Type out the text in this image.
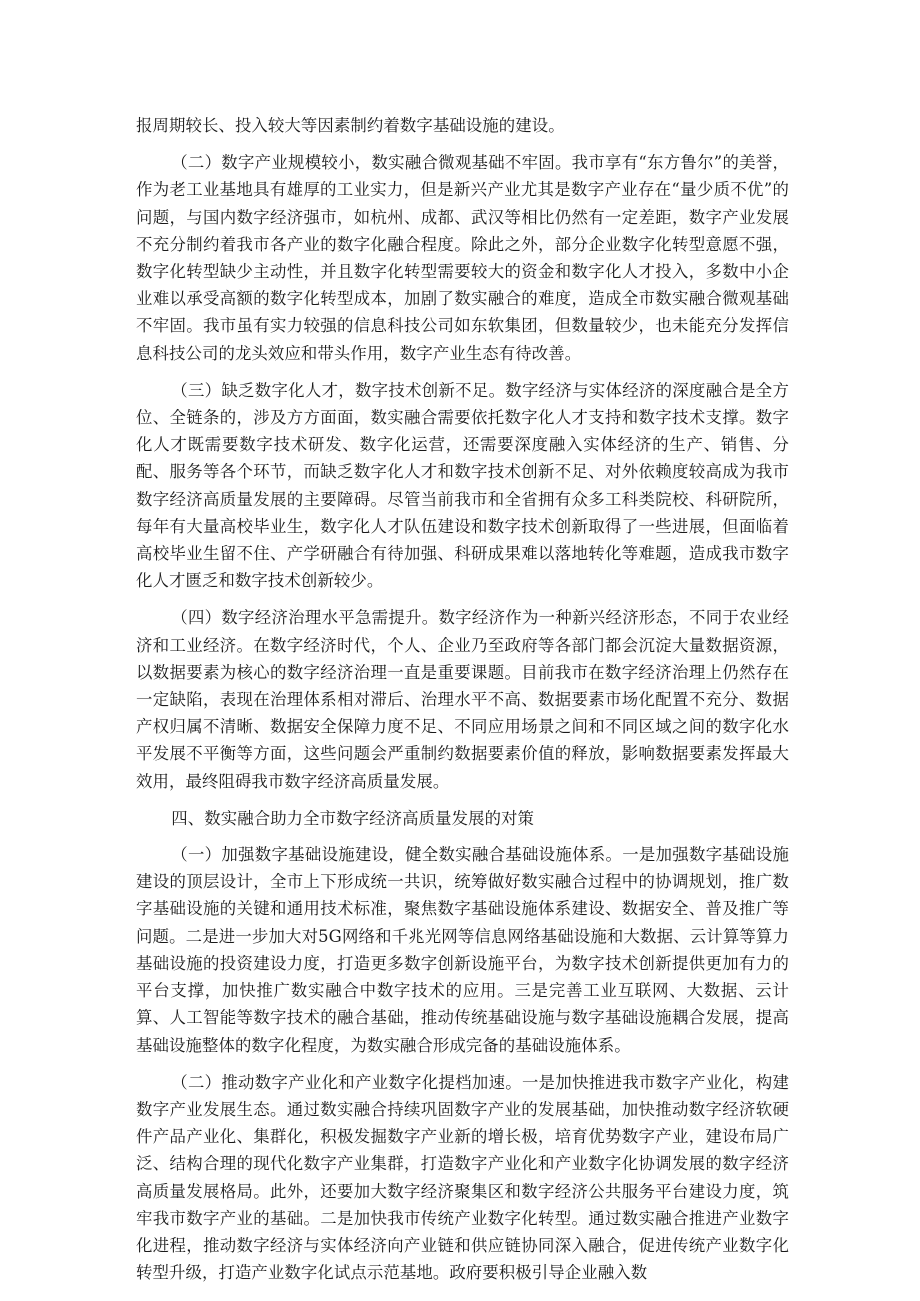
报周期较长、投入较大等因素制约着数字基础设施的建设。

（二）数字产业规模较小，数实融合微观基础不牢固。我市享有“东方鲁尔”的美誉，作为老工业基地具有雄厚的工业实力，但是新兴产业尤其是数字产业存在“量少质不优”的问题，与国内数字经济强市，如杭州、成都、武汉等相比仍然有一定差距，数字产业发展不充分制约着我市各产业的数字化融合程度。除此之外，部分企业数字化转型意愿不强，数字化转型缺少主动性，并且数字化转型需要较大的资金和数字化人才投入，多数中小企业难以承受高额的数字化转型成本，加剧了数实融合的难度，造成全市数实融合微观基础不牢固。我市虽有实力较强的信息科技公司如东软集团，但数量较少，也未能充分发挥信息科技公司的龙头效应和带头作用，数字产业生态有待改善。

（三）缺乏数字化人才，数字技术创新不足。数字经济与实体经济的深度融合是全方位、全链条的，涉及方方面面，数实融合需要依托数字化人才支持和数字技术支撑。数字化人才既需要数字技术研发、数字化运营，还需要深度融入实体经济的生产、销售、分配、服务等各个环节，而缺乏数字化人才和数字技术创新不足、对外依赖度较高成为我市数字经济高质量发展的主要障碍。尽管当前我市和全省拥有众多工科类院校、科研院所，每年有大量高校毕业生，数字化人才队伍建设和数字技术创新取得了一些进展，但面临着高校毕业生留不住、产学研融合有待加强、科研成果难以落地转化等难题，造成我市数字化人才匮乏和数字技术创新较少。

（四）数字经济治理水平急需提升。数字经济作为一种新兴经济形态，不同于农业经济和工业经济。在数字经济时代，个人、企业乃至政府等各部门都会沉淀大量数据资源，以数据要素为核心的数字经济治理一直是重要课题。目前我市在数字经济治理上仍然存在一定缺陷，表现在治理体系相对滞后、治理水平不高、数据要素市场化配置不充分、数据产权归属不清晰、数据安全保障力度不足、不同应用场景之间和不同区域之间的数字化水平发展不平衡等方面，这些问题会严重制约数据要素价值的释放，影响数据要素发挥最大效用，最终阻碍我市数字经济高质量发展。

四、数实融合助力全市数字经济高质量发展的对策

（一）加强数字基础设施建设，健全数实融合基础设施体系。一是加强数字基础设施建设的顶层设计，全市上下形成统一共识，统筹做好数实融合过程中的协调规划，推广数字基础设施的关键和通用技术标准，聚焦数字基础设施体系建设、数据安全、普及推广等问题。二是进一步加大对5G网络和千兆光网等信息网络基础设施和大数据、云计算等算力基础设施的投资建设力度，打造更多数字创新设施平台，为数字技术创新提供更加有力的平台支撑，加快推广数实融合中数字技术的应用。三是完善工业互联网、大数据、云计算、人工智能等数字技术的融合基础，推动传统基础设施与数字基础设施耦合发展，提高基础设施整体的数字化程度，为数实融合形成完备的基础设施体系。

（二）推动数字产业化和产业数字化提档加速。一是加快推进我市数字产业化，构建数字产业发展生态。通过数实融合持续巩固数字产业的发展基础，加快推动数字经济软硬件产品产业化、集群化，积极发掘数字产业新的增长极，培育优势数字产业，建设布局广泛、结构合理的现代化数字产业集群，打造数字产业化和产业数字化协调发展的数字经济高质量发展格局。此外，还要加大数字经济聚集区和数字经济公共服务平台建设力度，筑牢我市数字产业的基础。二是加快我市传统产业数字化转型。通过数实融合推进产业数字化进程，推动数字经济与实体经济向产业链和供应链协同深入融合，促进传统产业数字化转型升级，打造产业数字化试点示范基地。政府要积极引导企业融入数
